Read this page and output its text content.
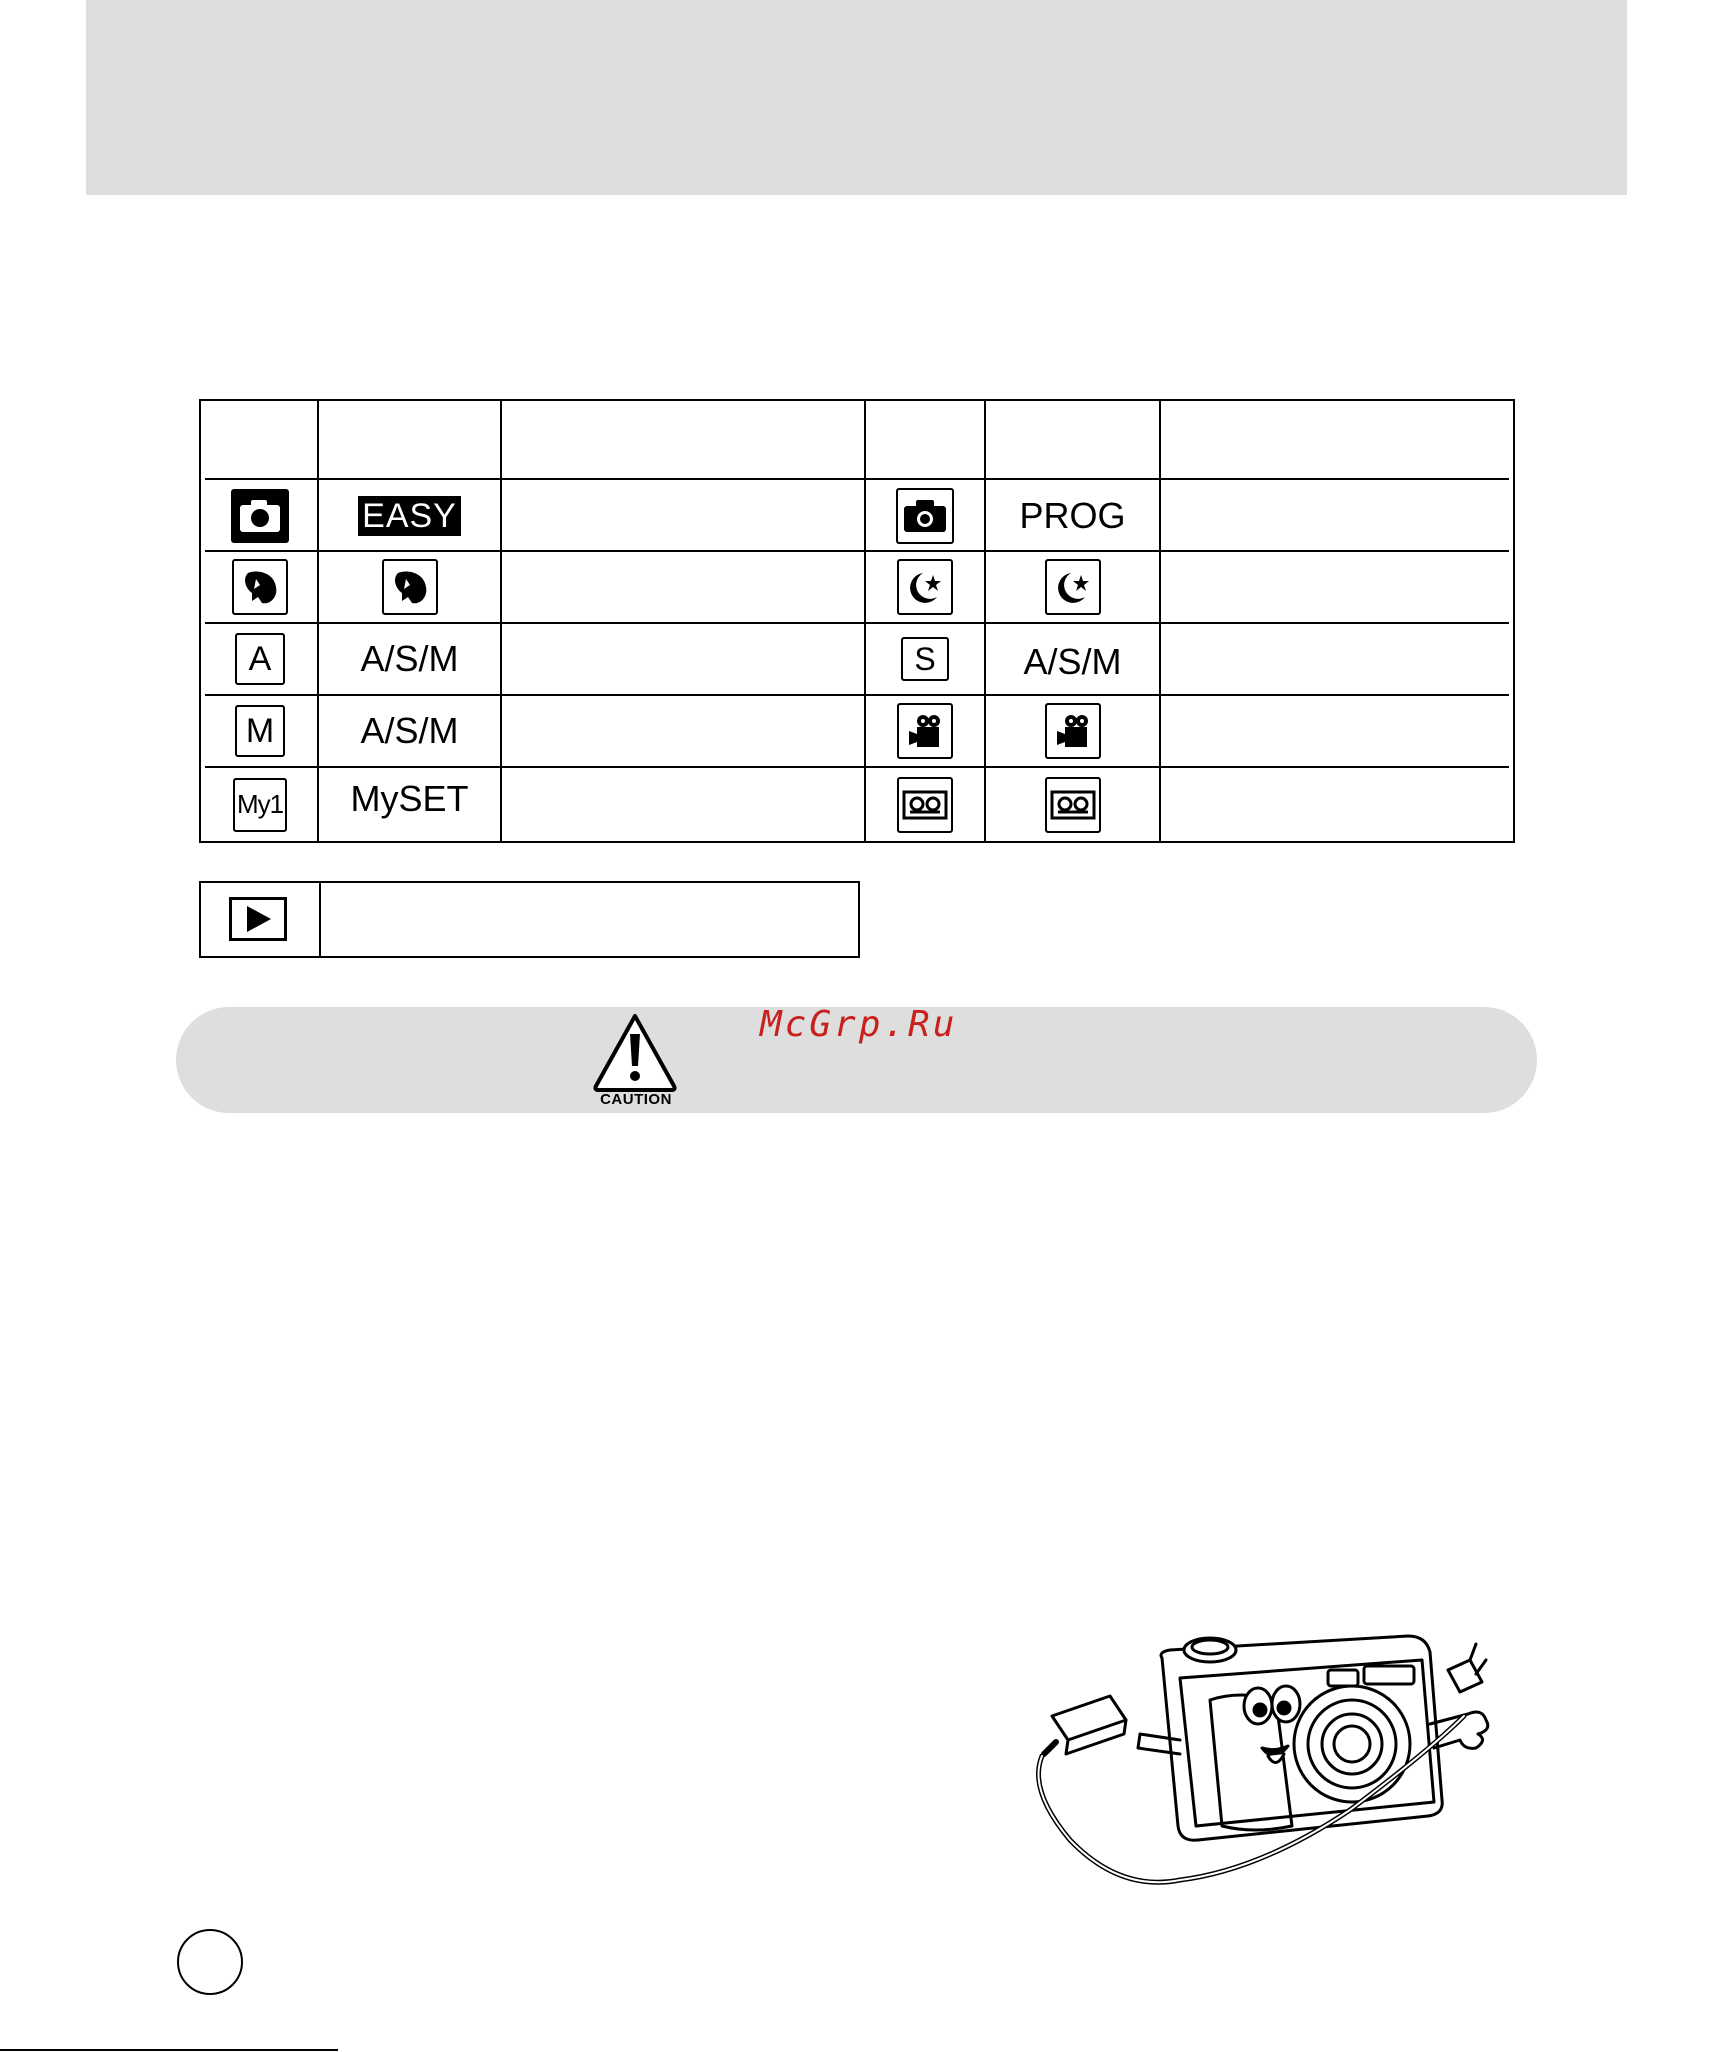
EASY	PROG
A	A/S/M	S	A/S/M
M	A/S/M
My1	MySET
CAUTION
McGrp.Ru
